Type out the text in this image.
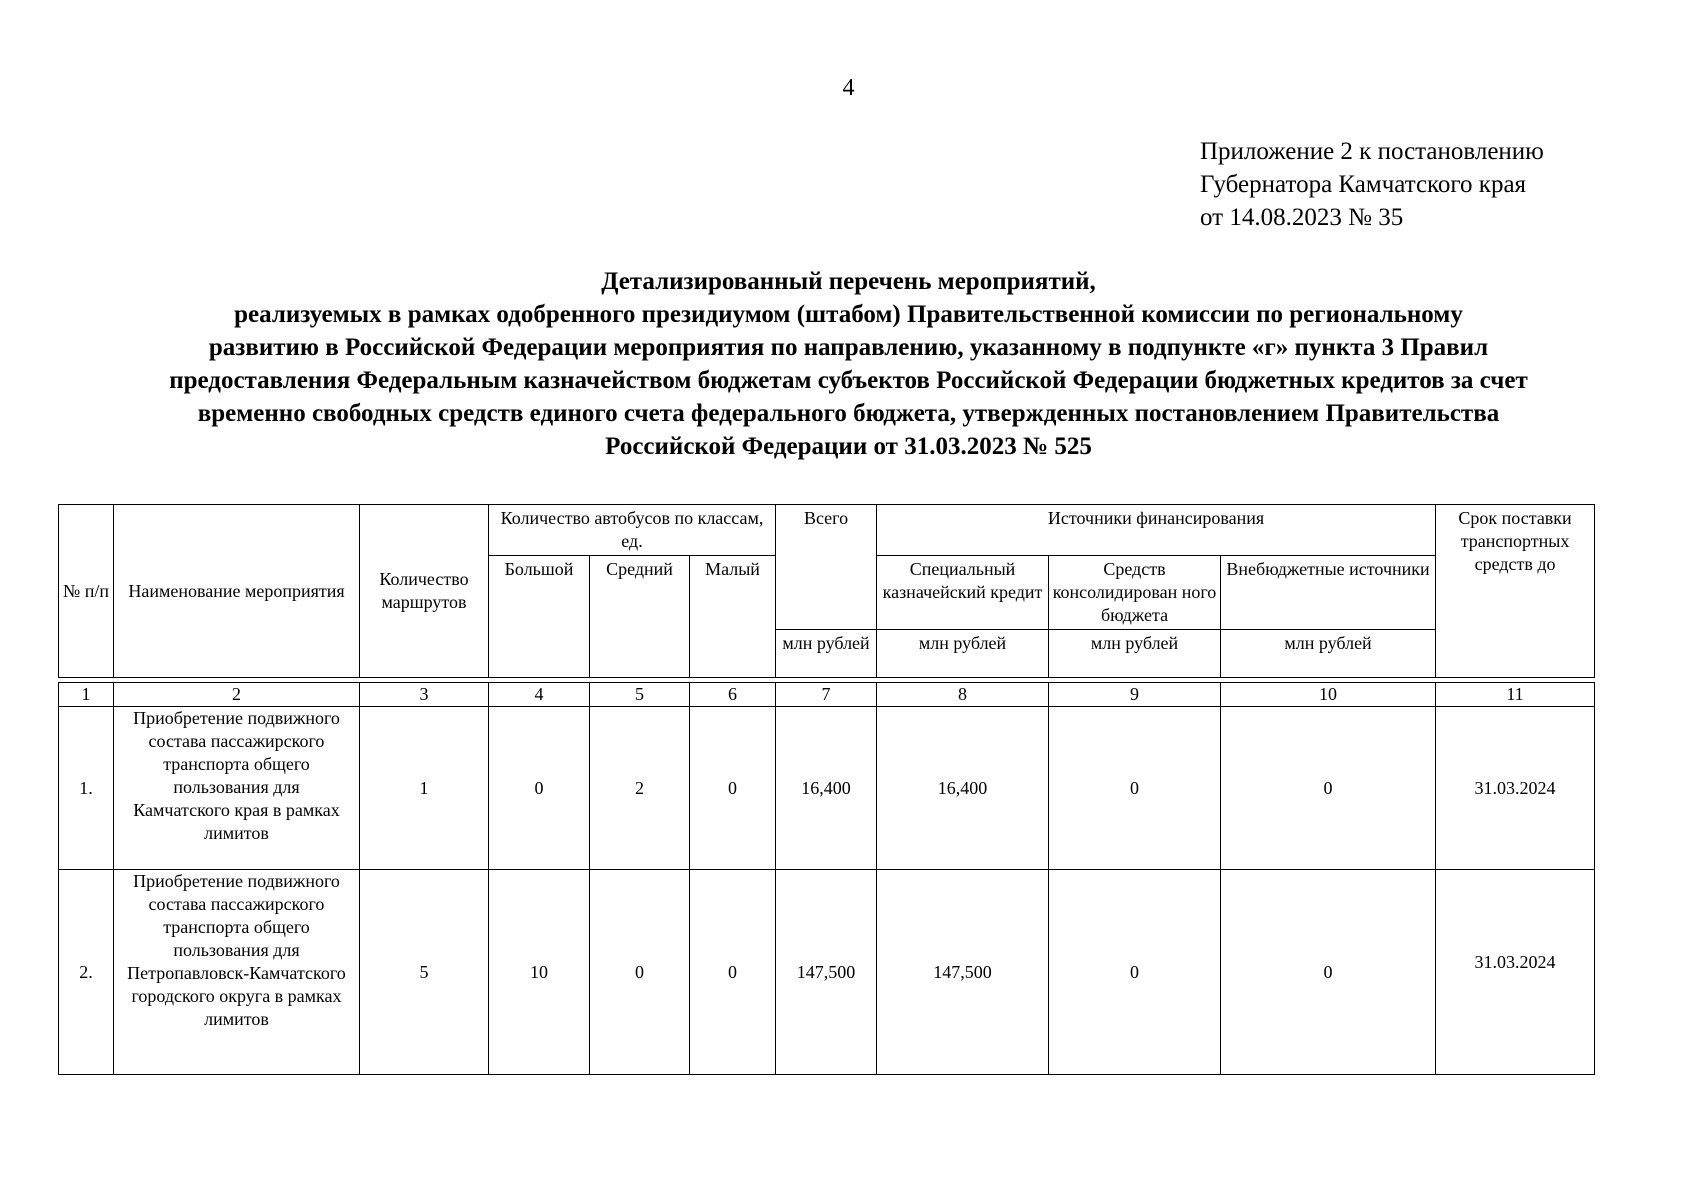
4
Приложение 2 к постановлению
Губернатора Камчатского края
от 14.08.2023 № 35
Детализированный перечень мероприятий,
реализуемых в рамках одобренного президиумом (штабом) Правительственной комиссии по региональному
развитию в Российской Федерации мероприятия по направлению, указанному в подпункте «г» пункта 3 Правил
предоставления Федеральным казначейством бюджетам субъектов Российской Федерации бюджетных кредитов за счет
временно свободных средств единого счета федерального бюджета, утвержденных постановлением Правительства
Российской Федерации от 31.03.2023 № 525
№ п/п	Наименование мероприятия	Количество маршрутов	Количество автобусов по классам, ед.			Всего	Источники финансирования			Срок поставки транспортных средств до
			Большой	Средний	Малый		Специальный казначейский кредит	Средств консолидирован ного бюджета	Внебюджетные источники	
						млн рублей	млн рублей	млн рублей	млн рублей	
1	2	3	4	5	6	7	8	9	10	11
1.	Приобретение подвижного состава пассажирского транспорта общего пользования для Камчатского края в рамках лимитов	1	0	2	0	16,400	16,400	0	0	31.03.2024
2.	Приобретение подвижного состава пассажирского транспорта общего пользования для Петропавловск-Камчатского городского округа в рамках лимитов	5	10	0	0	147,500	147,500	0	0	31.03.2024
